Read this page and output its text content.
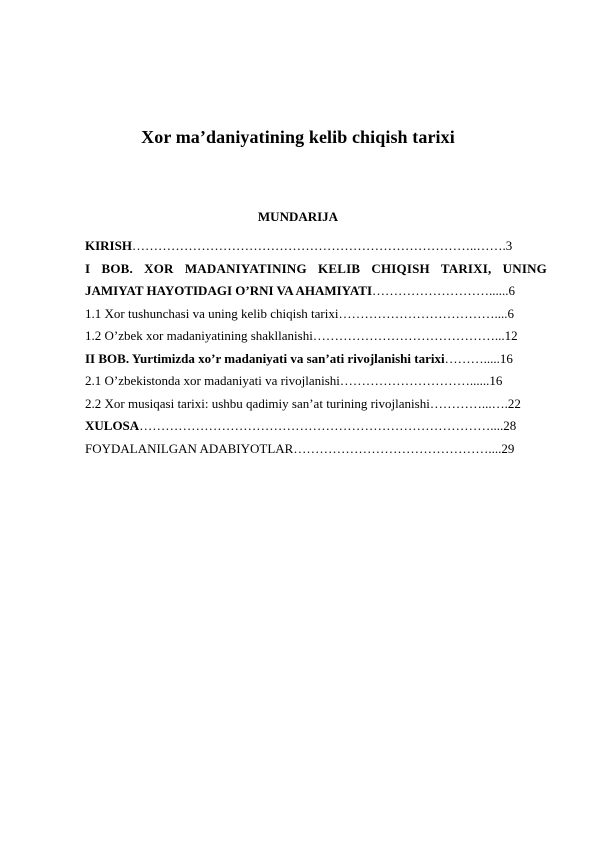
Xor ma’daniyatining kelib chiqish tarixi
MUNDARIJA
KIRISH……………………………………………………………………..…….3
I BOB. XOR MADANIYATINING KELIB CHIQISH TARIXI, UNING
JAMIYAT HAYOTIDAGI O’RNI VA AHAMIYATI………………………......6
1.1 Xor tushunchasi va uning kelib chiqish tarixi………………………………....6
1.2 O’zbek xor madaniyatining shakllanishi……………………………………...12
II BOB. Yurtimizda xo’r madaniyati va san’ati rivojlanishi tarixi……….....16
2.1 O’zbekistonda xor madaniyati va rivojlanishi…………………………......16
2.2 Xor musiqasi tarixi: ushbu qadimiy san’at turining rivojlanishi…………...….22
XULOSA………………………………………………………………………....28
FOYDALANILGAN ADABIYOTLAR………………………………………....29
